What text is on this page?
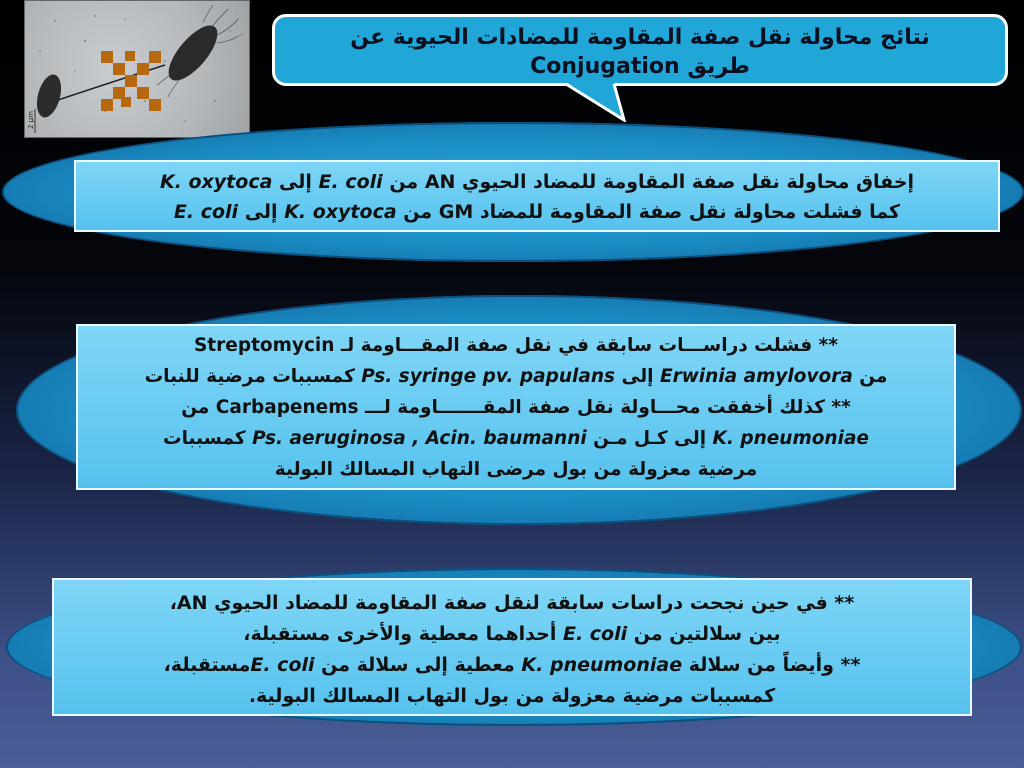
2 µm
نتائج محاولة نقل صفة المقاومة للمضادات الحيوية عن
طريق Conjugation
إخفاق محاولة نقل صفة المقاومة للمضاد الحيوي AN من E. coli إلى K. oxytoca
كما فشلت محاولة نقل صفة المقاومة للمضاد GM من K. oxytoca إلى E. coli
** فشلت دراســـات سابقة في نقل صفة المقـــاومة لـ Streptomycin
من Erwinia amylovora إلى Ps. syringe pv. papulans كمسببات مرضية للنبات
** كذلك أخفقت محـــاولة نقل صفة المقـــــــاومة لـــ Carbapenems من
K. pneumoniae إلى كـل مـن Ps. aeruginosa , Acin. baumanni كمسببات
مرضية معزولة من بول مرضى التهاب المسالك البولية
** في حين نجحت دراسات سابقة لنقل صفة المقاومة للمضاد الحيوي AN،
بين سلالتين من E. coli أحداهما معطية والأخرى مستقبلة،
** وأيضاً من سلالة K. pneumoniae معطية إلى سلالة من E. coliمستقبلة،
كمسببات مرضية معزولة من بول التهاب المسالك البولية.
